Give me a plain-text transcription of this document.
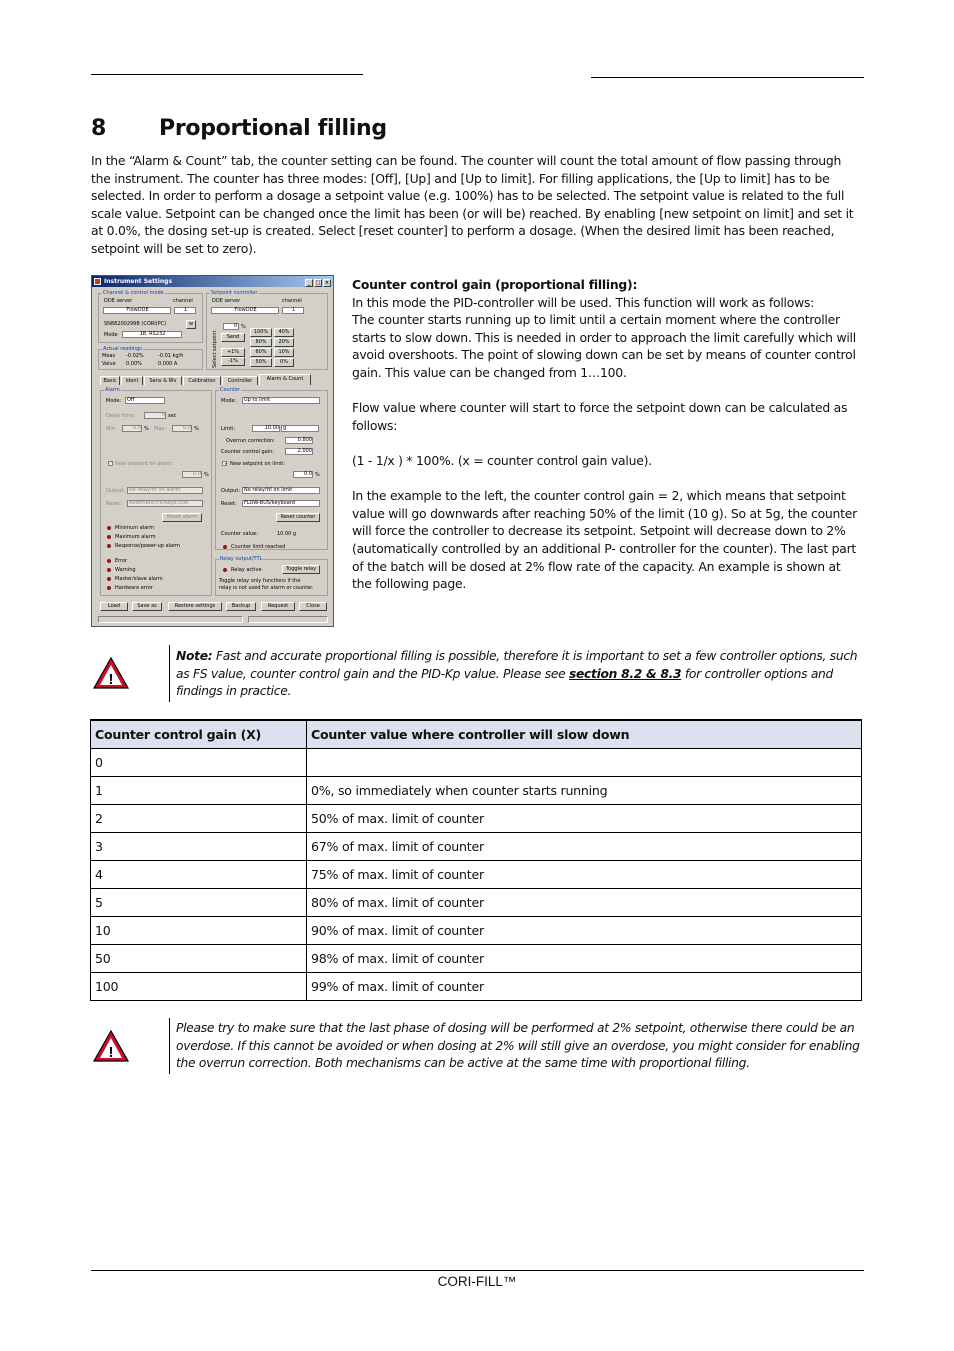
8 Proportional filling
In the “Alarm & Count” tab, the counter setting can be found. The counter will count the total amount of flow passing through the instrument. The counter has three modes: [Off], [Up] and [Up to limit]. For filling applications, the [Up to limit] has to be selected. In order to perform a dosage a setpoint value (e.g. 100%) has to be selected. The setpoint value is related to the full scale value. Setpoint can be changed once the limit has been (or will be) reached. By enabling [new setpoint on limit] and set it at 0.0%, the dosing set-up is created. Select [reset counter] to perform a dosage. (When the desired limit has been reached, setpoint will be set to zero).
Instrument Settings	_ □ ×
Channel & control mode
DDE server	channel
FlowDDE	1
SN88200299B (CORI(PC)
Mode	18. RS232
w
Actual readings
Meas -0.02%	-0.01 kg/h
Valve 0.00%	0.000 A
Setpoint controller
DDE server	channel
FlowDDE	1
Select setpoint
0 %
Send
+1%
-1%
100%	40%
80%	20%
60%	10%
50%	0%
Basic	Ident	Sens & Wv	Calibration	Controller	Alarm & Count
Alarm
Mode:	Off
Delay time:	0 sec
Min:	0.0 % Max:	0.0 %
New setpoint on alarm:
0.0 %
Output: No relay/ttl on alarm
Reset:	Automatic/FB/Keyb./Ext.
Reset alarm
Minimum alarm
Maximum alarm
Response/power-up alarm
Error
Warning
Master/slave alarm
Hardware error
Counter
Mode:	Up to limit
Limit:	10.00 g
Overrun correction:	0.800
Counter control gain:	2.000
✓ New setpoint on limit:
0.0 %
Output: No relay/ttl on limit
Reset:	FLOW-BUS/keyboard
Reset counter
Counter value:	10.00 g
Counter limit reached
Relay output/TTL
Relay active	Toggle relay
Toggle relay only functions if the
relay is not used for alarm or counter.
Load	Save as	Restore settings	Backup	Request	Close

Counter control gain (proportional filling):

In this mode the PID-controller will be used. This function will work as follows:

The counter starts running up to limit until a certain moment where the controller starts to slow down. This is needed in order to approach the limit carefully which will avoid overshoots. The point of slowing down can be set by means of counter control gain. This value can be changed from 1…100.

Flow value where counter will start to force the setpoint down can be calculated as follows:

(1 - 1/x ) * 100%. (x = counter control gain value).

In the example to the left, the counter control gain = 2, which means that setpoint value will go downwards after reaching 50% of the limit (10 g). So at 5g, the counter will force the controller to decrease its setpoint. Setpoint will decrease down to 2% (automatically controlled by an additional P- controller for the counter). The last part of the batch will be dosed at 2% flow rate of the capacity. An example is shown at the following page.

!
Note: Fast and accurate proportional filling is possible, therefore it is important to set a few controller options, such as FS value, counter control gain and the PID-Kp value. Please see section 8.2 & 8.3 for controller options and findings in practice.
Counter control gain (X)	Counter value where controller will slow down
0	
1	0%, so immediately when counter starts running
2	50% of max. limit of counter
3	67% of max. limit of counter
4	75% of max. limit of counter
5	80% of max. limit of counter
10	90% of max. limit of counter
50	98% of max. limit of counter
100	99% of max. limit of counter
!
Please try to make sure that the last phase of dosing will be performed at 2% setpoint, otherwise there could be an overdose. If this cannot be avoided or when dosing at 2% will still give an overdose, you might consider for enabling the overrun correction. Both mechanisms can be active at the same time with proportional filling.
CORI-FILL™
